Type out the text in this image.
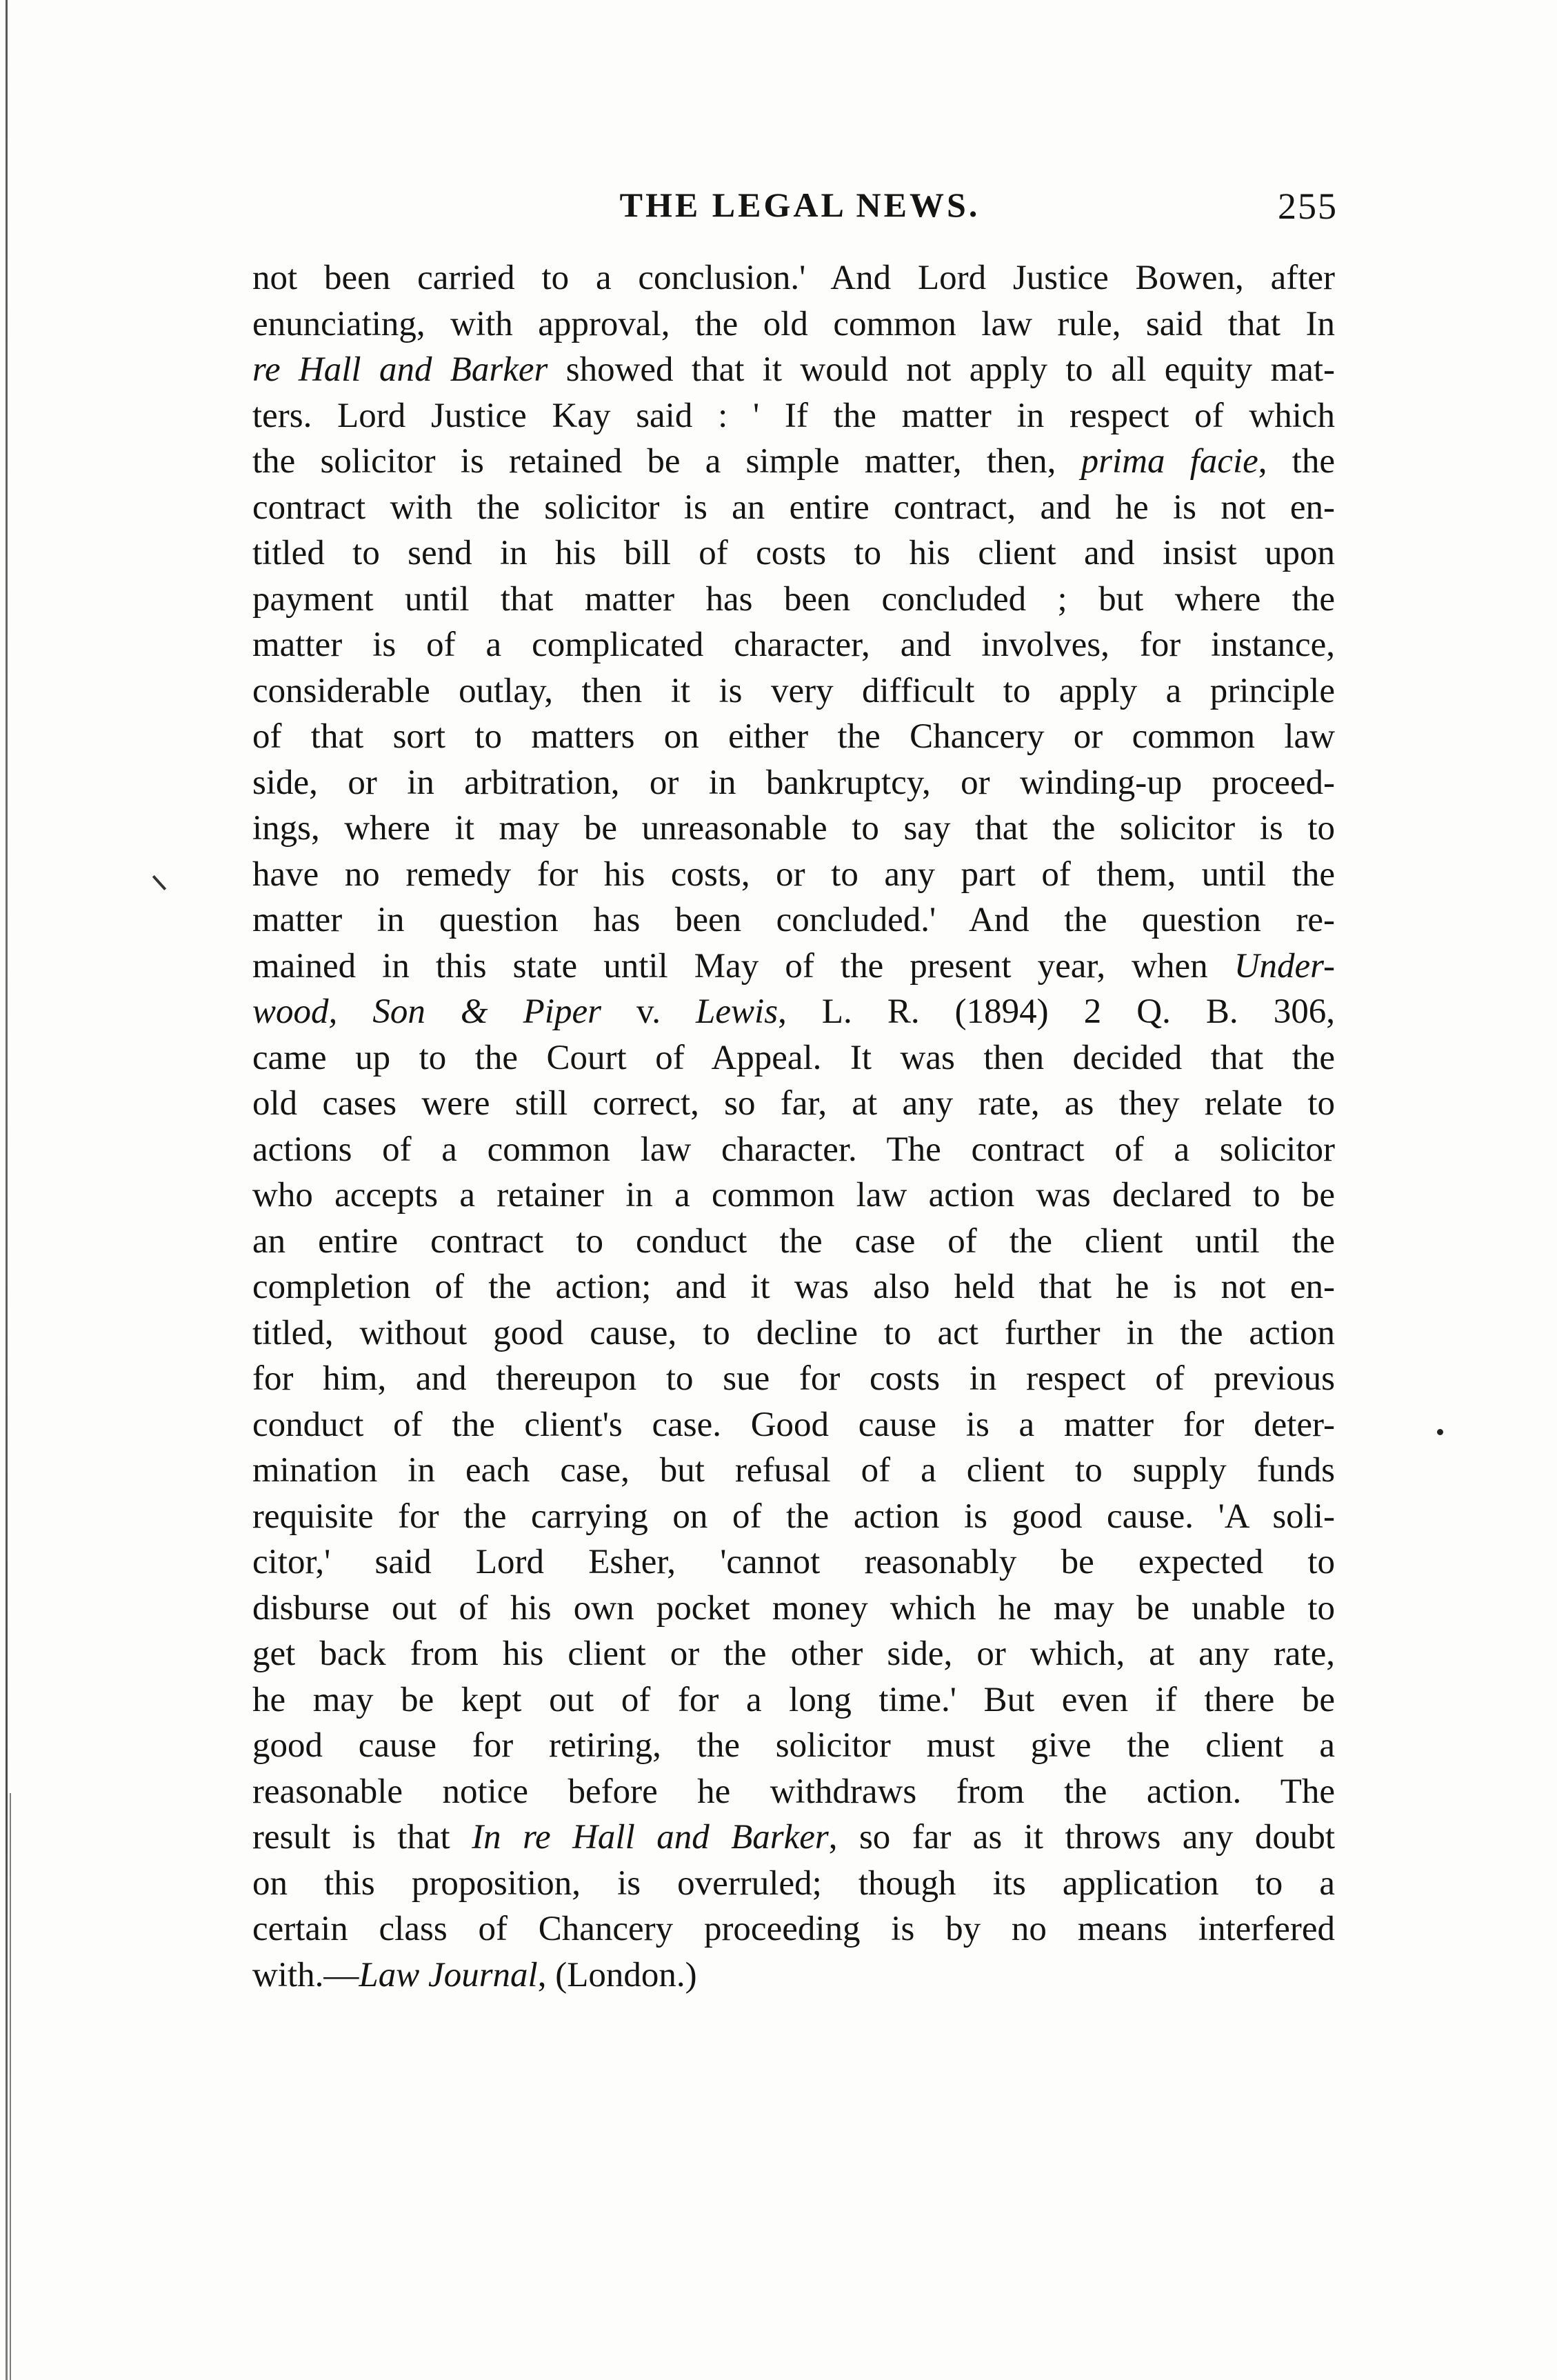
THE LEGAL NEWS.	255
not been carried to a conclusion.' And Lord Justice Bowen, after
enunciating, with approval, the old common law rule, said that In
re Hall and Barker showed that it would not apply to all equity mat-
ters. Lord Justice Kay said : ' If the matter in respect of which
the solicitor is retained be a simple matter, then, prima facie, the
contract with the solicitor is an entire contract, and he is not en-
titled to send in his bill of costs to his client and insist upon
payment until that matter has been concluded ; but where the
matter is of a complicated character, and involves, for instance,
considerable outlay, then it is very difficult to apply a principle
of that sort to matters on either the Chancery or common law
side, or in arbitration, or in bankruptcy, or winding-up proceed-
ings, where it may be unreasonable to say that the solicitor is to
have no remedy for his costs, or to any part of them, until the
matter in question has been concluded.' And the question re-
mained in this state until May of the present year, when Under-
wood, Son & Piper v. Lewis, L. R. (1894) 2 Q. B. 306,
came up to the Court of Appeal. It was then decided that the
old cases were still correct, so far, at any rate, as they relate to
actions of a common law character. The contract of a solicitor
who accepts a retainer in a common law action was declared to be
an entire contract to conduct the case of the client until the
completion of the action; and it was also held that he is not en-
titled, without good cause, to decline to act further in the action
for him, and thereupon to sue for costs in respect of previous
conduct of the client's case. Good cause is a matter for deter-
mination in each case, but refusal of a client to supply funds
requisite for the carrying on of the action is good cause. 'A soli-
citor,' said Lord Esher, 'cannot reasonably be expected to
disburse out of his own pocket money which he may be unable to
get back from his client or the other side, or which, at any rate,
he may be kept out of for a long time.' But even if there be
good cause for retiring, the solicitor must give the client a
reasonable notice before he withdraws from the action. The
result is that In re Hall and Barker, so far as it throws any doubt
on this proposition, is overruled; though its application to a
certain class of Chancery proceeding is by no means interfered
with.—Law Journal, (London.)
